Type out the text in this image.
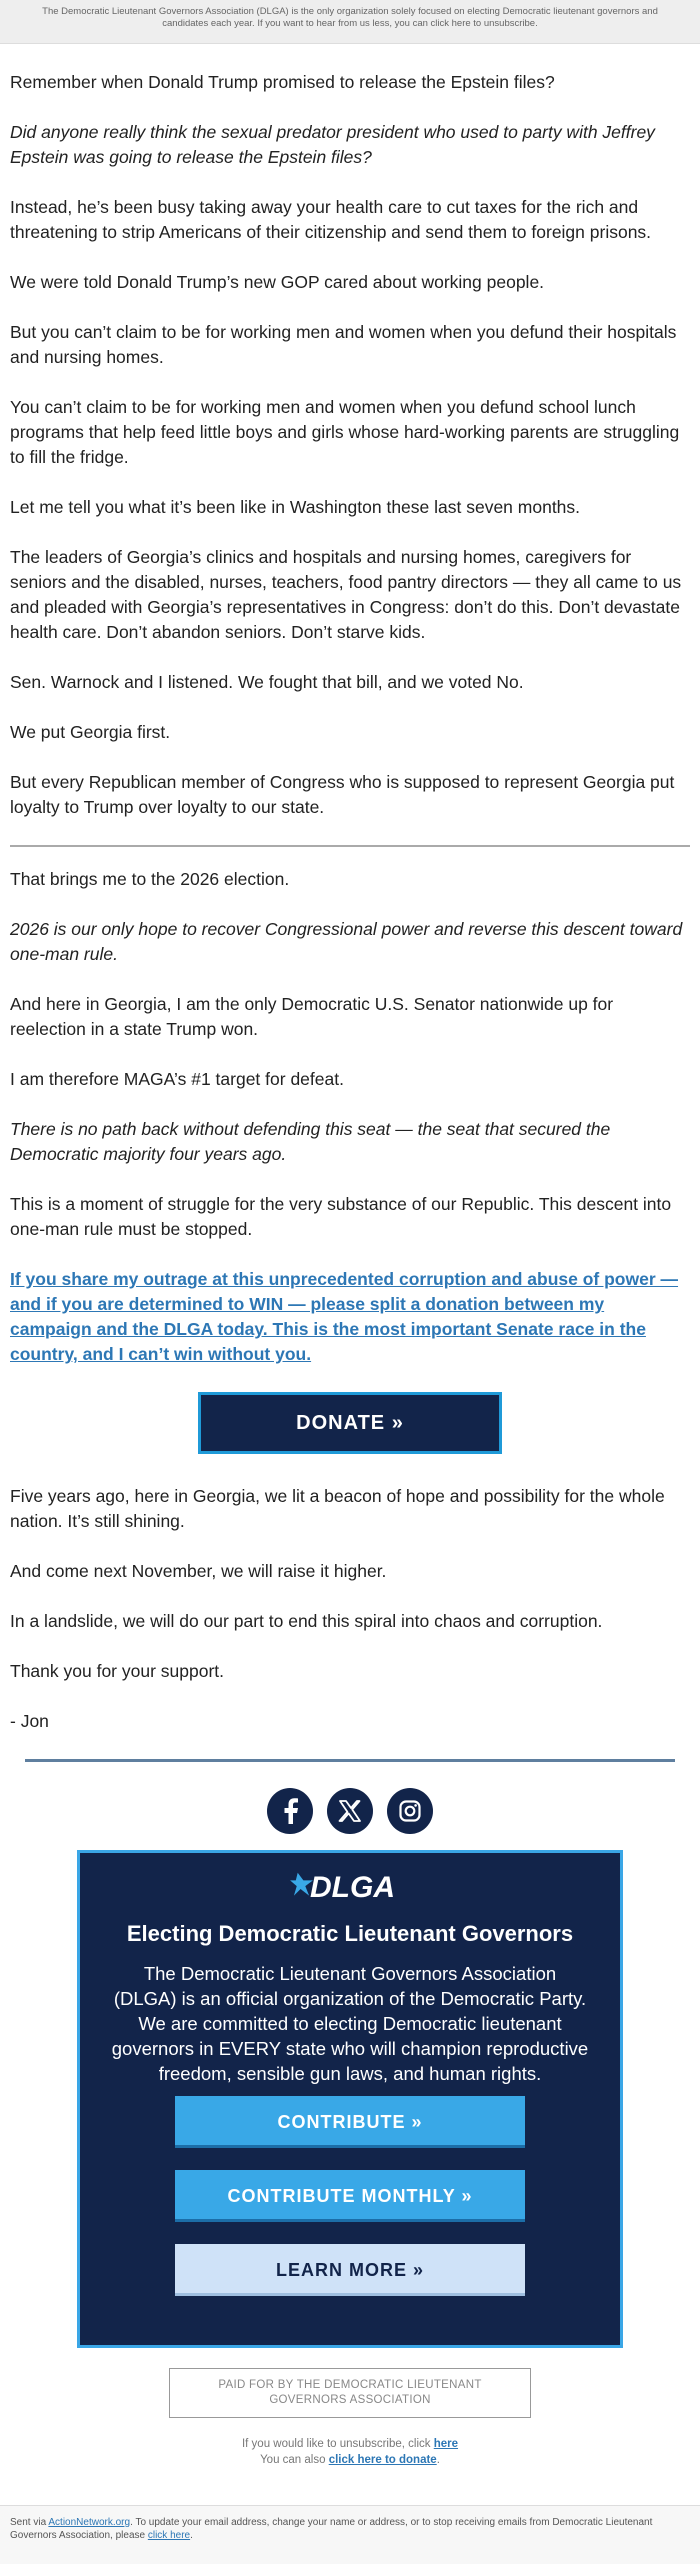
The Democratic Lieutenant Governors Association (DLGA) is the only organization solely focused on electing Democratic lieutenant governors and candidates each year. If you want to hear from us less, you can click here to unsubscribe.

Remember when Donald Trump promised to release the Epstein files?

Did anyone really think the sexual predator president who used to party with Jeffrey Epstein was going to release the Epstein files?

Instead, he’s been busy taking away your health care to cut taxes for the rich and threatening to strip Americans of their citizenship and send them to foreign prisons.

We were told Donald Trump’s new GOP cared about working people.

But you can’t claim to be for working men and women when you defund their hospitals and nursing homes.

You can’t claim to be for working men and women when you defund school lunch programs that help feed little boys and girls whose hard-working parents are struggling to fill the fridge.

Let me tell you what it’s been like in Washington these last seven months.

The leaders of Georgia’s clinics and hospitals and nursing homes, caregivers for seniors and the disabled, nurses, teachers, food pantry directors — they all came to us and pleaded with Georgia’s representatives in Congress: don’t do this. Don’t devastate health care. Don’t abandon seniors. Don’t starve kids.

Sen. Warnock and I listened. We fought that bill, and we voted No.

We put Georgia first.

But every Republican member of Congress who is supposed to represent Georgia put loyalty to Trump over loyalty to our state.

That brings me to the 2026 election.

2026 is our only hope to recover Congressional power and reverse this descent toward one-man rule.

And here in Georgia, I am the only Democratic U.S. Senator nationwide up for reelection in a state Trump won.

I am therefore MAGA’s #1 target for defeat.

There is no path back without defending this seat — the seat that secured the Democratic majority four years ago.

This is a moment of struggle for the very substance of our Republic. This descent into one-man rule must be stopped.

If you share my outrage at this unprecedented corruption and abuse of power — and if you are determined to WIN — please split a donation between my campaign and the DLGA today. This is the most important Senate race in the country, and I can’t win without you.

DONATE »

Five years ago, here in Georgia, we lit a beacon of hope and possibility for the whole nation. It’s still shining.

And come next November, we will raise it higher.

In a landslide, we will do our part to end this spiral into chaos and corruption.

Thank you for your support.

- Jon

DLGA
Electing Democratic Lieutenant Governors

The Democratic Lieutenant Governors Association (DLGA) is an official organization of the Democratic Party. We are committed to electing Democratic lieutenant governors in EVERY state who will champion reproductive freedom, sensible gun laws, and human rights.

CONTRIBUTE »
CONTRIBUTE MONTHLY »
LEARN MORE »
PAID FOR BY THE DEMOCRATIC LIEUTENANT GOVERNORS ASSOCIATION
If you would like to unsubscribe, click here
You can also click here to donate.
Sent via ActionNetwork.org. To update your email address, change your name or address, or to stop receiving emails from Democratic Lieutenant Governors Association, please click here.
